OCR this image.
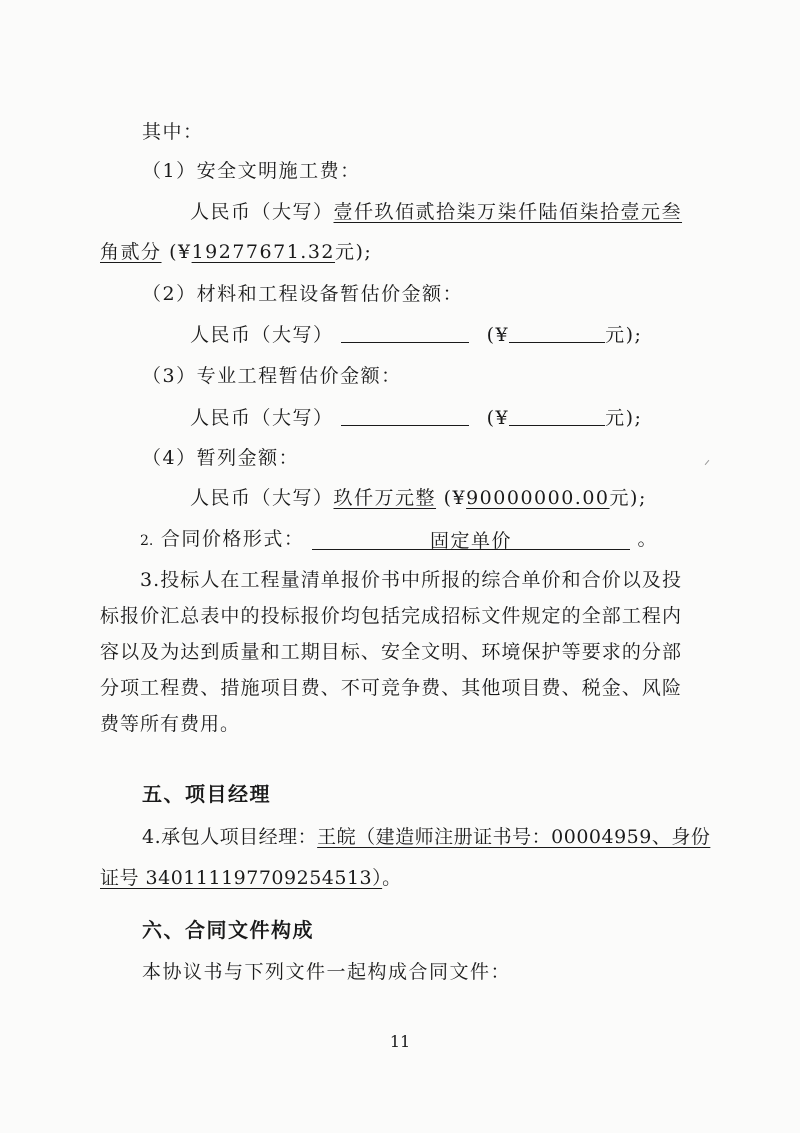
其中：
（1）安全文明施工费：
人民币（大写）壹仟玖佰贰拾柒万柒仟陆佰柒拾壹元叁
角贰分 (¥19277671.32元);
（2）材料和工程设备暂估价金额：
人民币（大写）	(¥	元);
（3）专业工程暂估价金额：
人民币（大写）	(¥	元);
（4）暂列金额：
人民币（大写）玖仟万元整 (¥90000000.00元);
2. 合同价格形式：	固定单价	。
3.投标人在工程量清单报价书中所报的综合单价和合价以及投标报价汇总表中的投标报价均包括完成招标文件规定的全部工程内容以及为达到质量和工期目标、安全文明、环境保护等要求的分部分项工程费、措施项目费、不可竞争费、其他项目费、税金、风险费等所有费用。
五、项目经理
4.承包人项目经理：王皖（建造师注册证书号：00004959、身份
证号 340111197709254513）。
六、合同文件构成
本协议书与下列文件一起构成合同文件：
11
